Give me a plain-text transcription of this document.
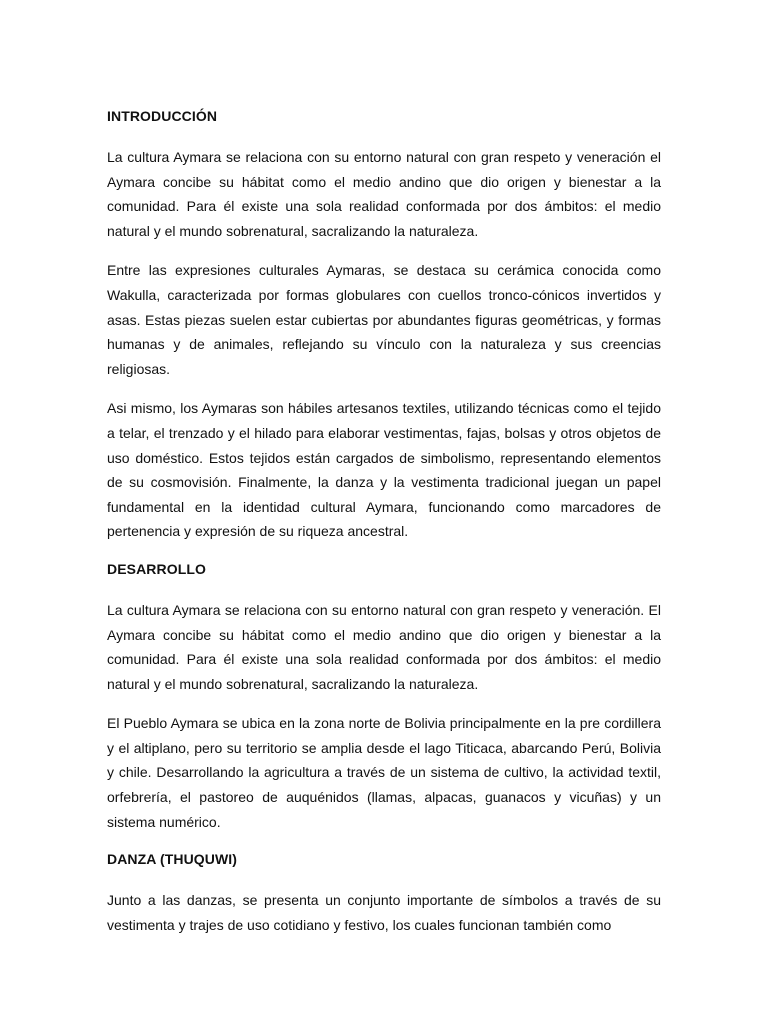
INTRODUCCIÓN

La cultura Aymara se relaciona con su entorno natural con gran respeto y veneración el Aymara concibe su hábitat como el medio andino que dio origen y bienestar a la comunidad. Para él existe una sola realidad conformada por dos ámbitos: el medio natural y el mundo sobrenatural, sacralizando la naturaleza.

Entre las expresiones culturales Aymaras, se destaca su cerámica conocida como Wakulla, caracterizada por formas globulares con cuellos tronco-cónicos invertidos y asas. Estas piezas suelen estar cubiertas por abundantes figuras geométricas, y formas humanas y de animales, reflejando su vínculo con la naturaleza y sus creencias religiosas.

Asi mismo, los Aymaras son hábiles artesanos textiles, utilizando técnicas como el tejido a telar, el trenzado y el hilado para elaborar vestimentas, fajas, bolsas y otros objetos de uso doméstico. Estos tejidos están cargados de simbolismo, representando elementos de su cosmovisión. Finalmente, la danza y la vestimenta tradicional juegan un papel fundamental en la identidad cultural Aymara, funcionando como marcadores de pertenencia y expresión de su riqueza ancestral.

DESARROLLO

La cultura Aymara se relaciona con su entorno natural con gran respeto y veneración. El Aymara concibe su hábitat como el medio andino que dio origen y bienestar a la comunidad. Para él existe una sola realidad conformada por dos ámbitos: el medio natural y el mundo sobrenatural, sacralizando la naturaleza.

El Pueblo Aymara se ubica en la zona norte de Bolivia principalmente en la pre cordillera y el altiplano, pero su territorio se amplia desde el lago Titicaca, abarcando Perú, Bolivia y chile. Desarrollando la agricultura a través de un sistema de cultivo, la actividad textil, orfebrería, el pastoreo de auquénidos (llamas, alpacas, guanacos y vicuñas) y un sistema numérico.

DANZA (THUQUWI)

Junto a las danzas, se presenta un conjunto importante de símbolos a través de su vestimenta y trajes de uso cotidiano y festivo, los cuales funcionan también como
